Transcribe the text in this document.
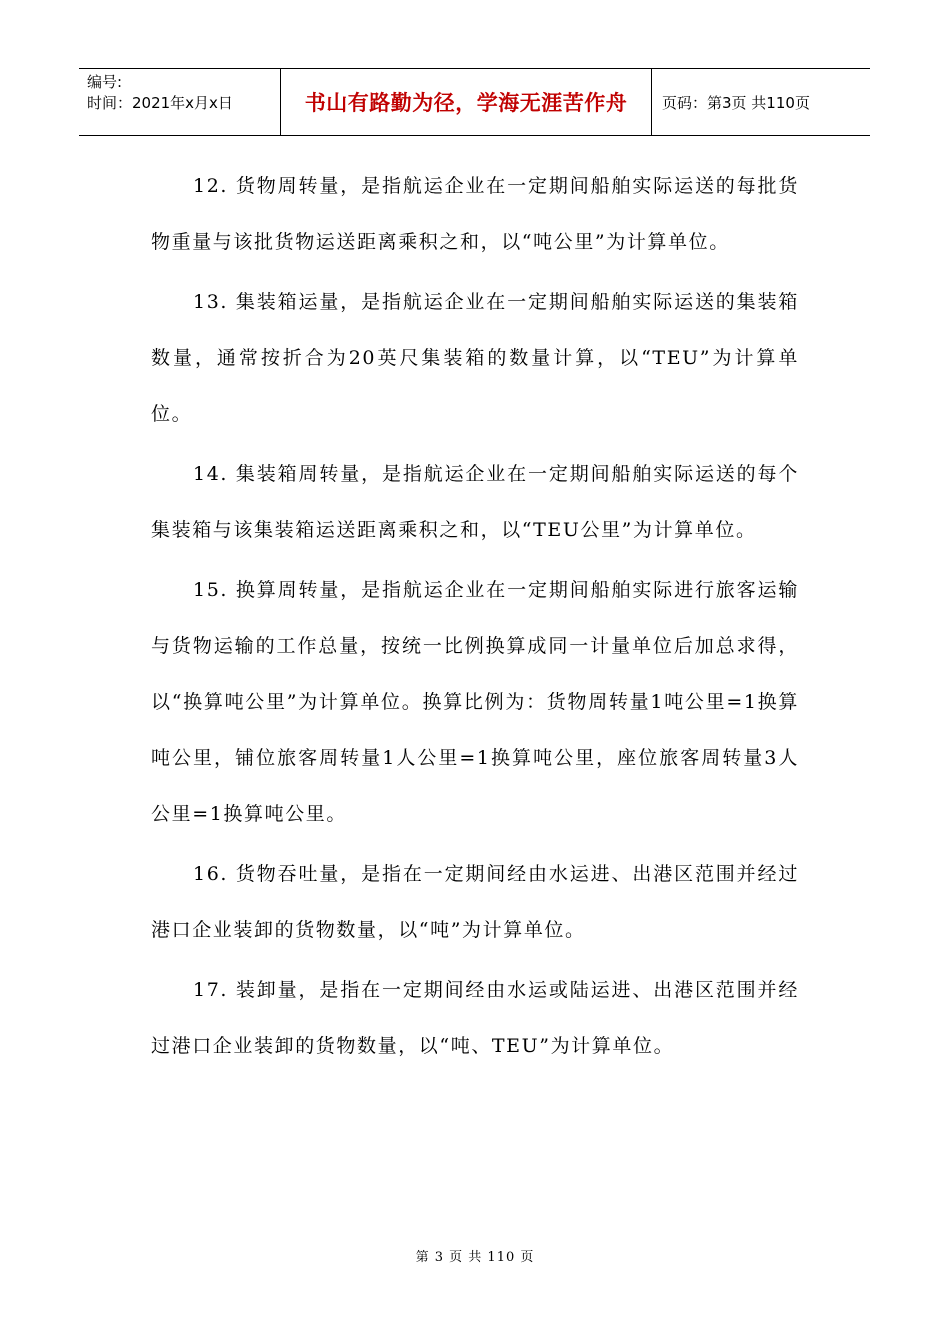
编号:
时间：2021年x月x日	书山有路勤为径，学海无涯苦作舟	页码：第3页 共110页

12. 货物周转量，是指航运企业在一定期间船舶实际运送的每批货物重量与该批货物运送距离乘积之和，以“吨公里”为计算单位。

13. 集装箱运量，是指航运企业在一定期间船舶实际运送的集装箱数量，通常按折合为20英尺集装箱的数量计算，以“TEU”为计算单位。

14. 集装箱周转量，是指航运企业在一定期间船舶实际运送的每个集装箱与该集装箱运送距离乘积之和，以“TEU公里”为计算单位。

15. 换算周转量，是指航运企业在一定期间船舶实际进行旅客运输与货物运输的工作总量，按统一比例换算成同一计量单位后加总求得，以“换算吨公里”为计算单位。换算比例为：货物周转量1吨公里=1换算吨公里，铺位旅客周转量1人公里=1换算吨公里，座位旅客周转量3人公里=1换算吨公里。

16. 货物吞吐量，是指在一定期间经由水运进、出港区范围并经过港口企业装卸的货物数量，以“吨”为计算单位。

17. 装卸量，是指在一定期间经由水运或陆运进、出港区范围并经过港口企业装卸的货物数量，以“吨、TEU”为计算单位。

第 3 页 共 110 页
